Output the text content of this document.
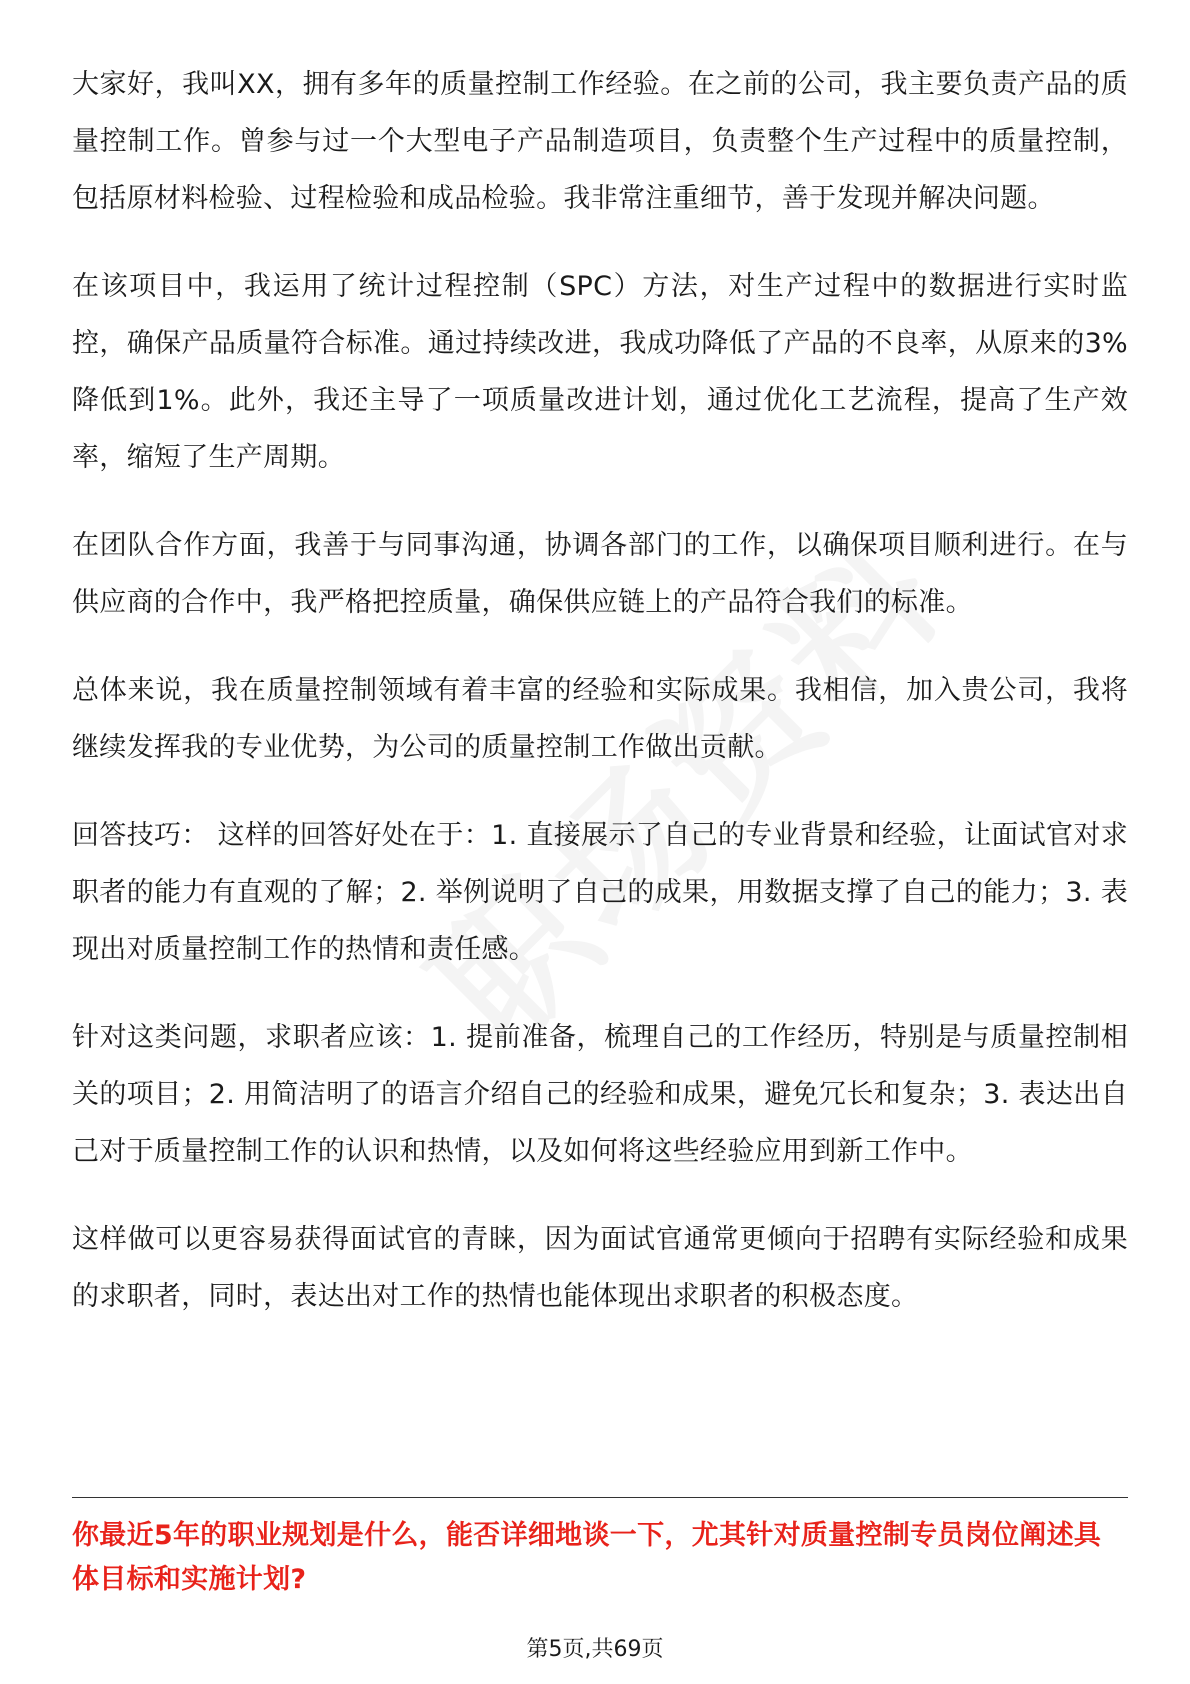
大家好，我叫XX，拥有多年的质量控制工作经验。在之前的公司，我主要负责产品的质量控制工作。曾参与过一个大型电子产品制造项目，负责整个生产过程中的质量控制，包括原材料检验、过程检验和成品检验。我非常注重细节，善于发现并解决问题。

在该项目中，我运用了统计过程控制（SPC）方法，对生产过程中的数据进行实时监控，确保产品质量符合标准。通过持续改进，我成功降低了产品的不良率，从原来的3%降低到1%。此外，我还主导了一项质量改进计划，通过优化工艺流程，提高了生产效率，缩短了生产周期。

在团队合作方面，我善于与同事沟通，协调各部门的工作，以确保项目顺利进行。在与供应商的合作中，我严格把控质量，确保供应链上的产品符合我们的标准。

总体来说，我在质量控制领域有着丰富的经验和实际成果。我相信，加入贵公司，我将继续发挥我的专业优势，为公司的质量控制工作做出贡献。

回答技巧： 这样的回答好处在于：1. 直接展示了自己的专业背景和经验，让面试官对求职者的能力有直观的了解；2. 举例说明了自己的成果，用数据支撑了自己的能力；3. 表现出对质量控制工作的热情和责任感。

针对这类问题，求职者应该：1. 提前准备，梳理自己的工作经历，特别是与质量控制相关的项目；2. 用简洁明了的语言介绍自己的经验和成果，避免冗长和复杂；3. 表达出自己对于质量控制工作的认识和热情，以及如何将这些经验应用到新工作中。

这样做可以更容易获得面试官的青睐，因为面试官通常更倾向于招聘有实际经验和成果的求职者，同时，表达出对工作的热情也能体现出求职者的积极态度。

你最近5年的职业规划是什么，能否详细地谈一下，尤其针对质量控制专员岗位阐述具体目标和实施计划?
第5页,共69页
